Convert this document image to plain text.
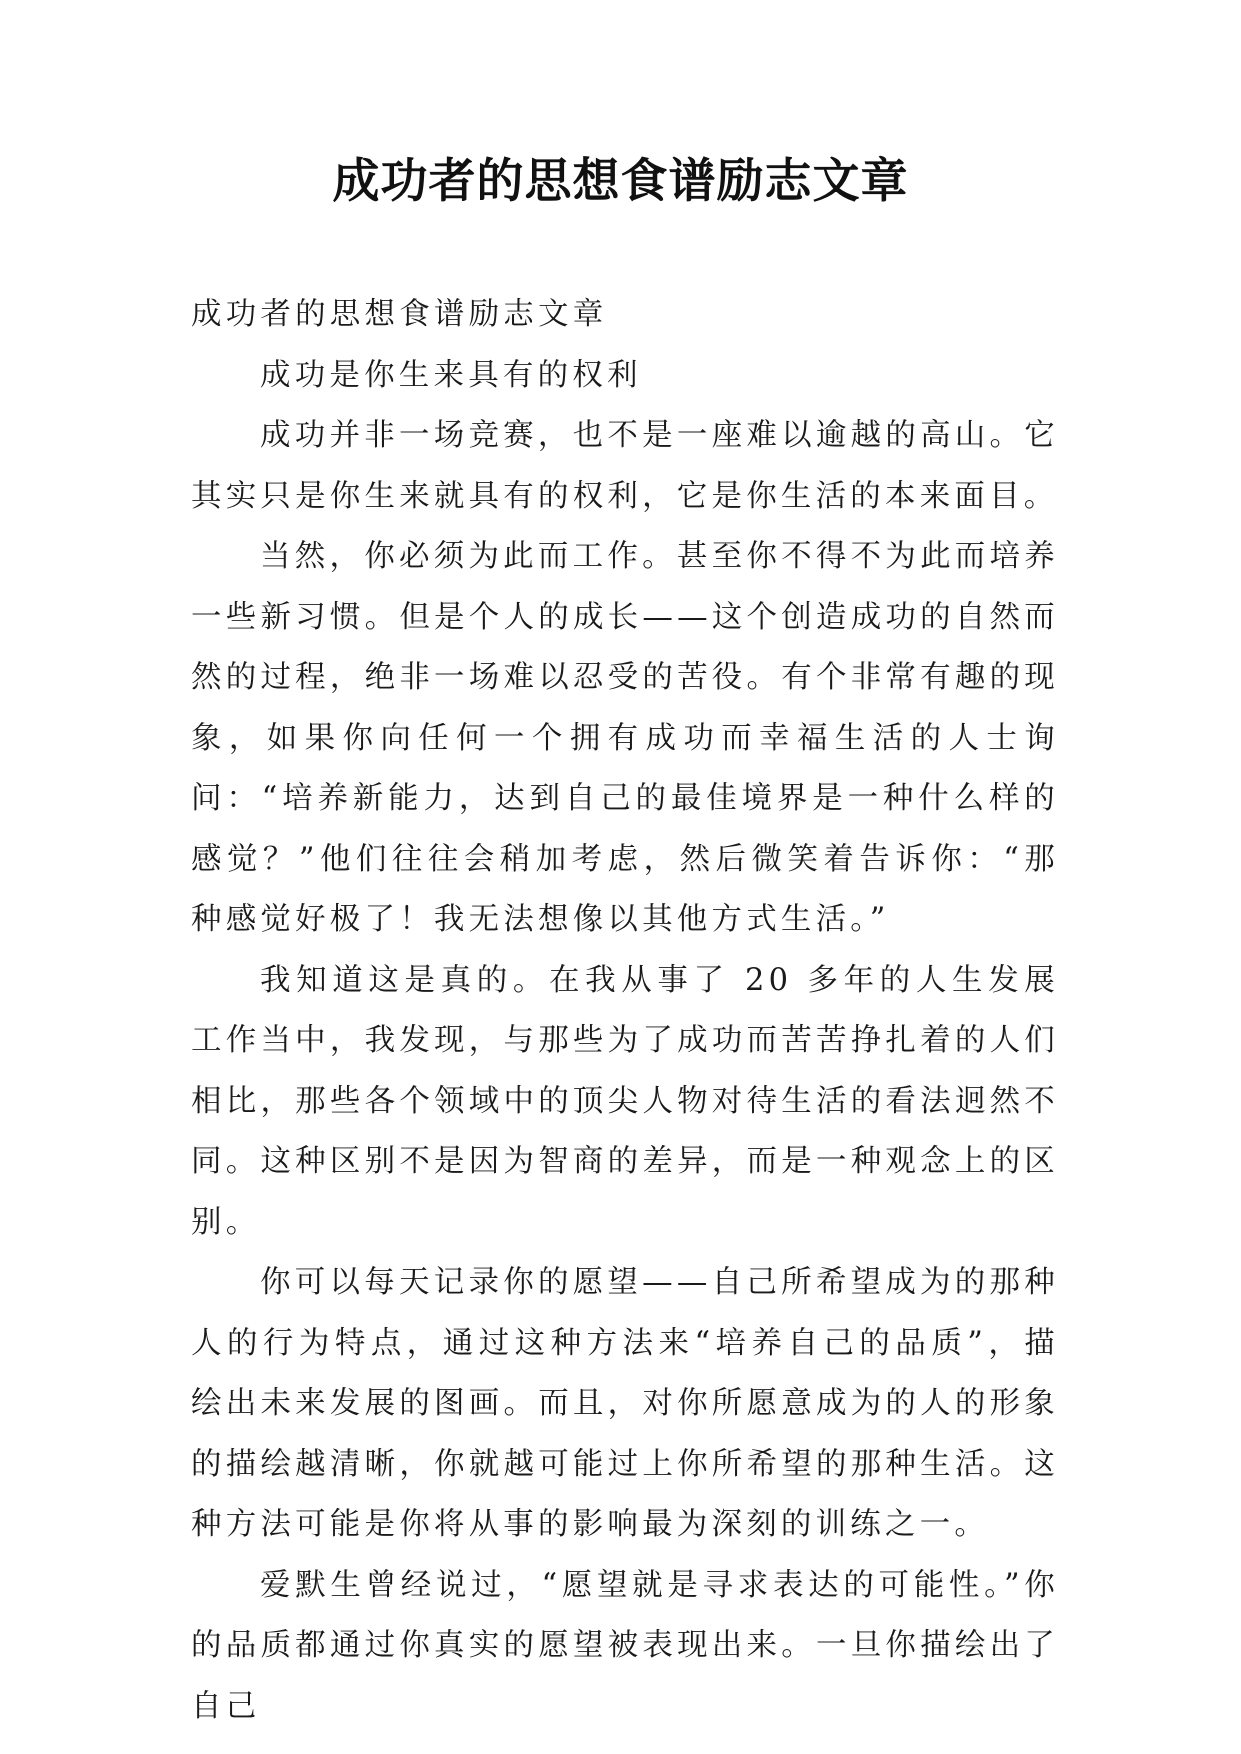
成功者的思想食谱励志文章

成功者的思想食谱励志文章

成功是你生来具有的权利

成功并非一场竞赛，也不是一座难以逾越的高山。它其实只是你生来就具有的权利，它是你生活的本来面目。

当然，你必须为此而工作。甚至你不得不为此而培养一些新习惯。但是个人的成长——这个创造成功的自然而然的过程，绝非一场难以忍受的苦役。有个非常有趣的现象，如果你向任何一个拥有成功而幸福生活的人士询问：“培养新能力，达到自己的最佳境界是一种什么样的感觉？”他们往往会稍加考虑，然后微笑着告诉你：“那种感觉好极了！我无法想像以其他方式生活。”

我知道这是真的。在我从事了 20 多年的人生发展工作当中，我发现，与那些为了成功而苦苦挣扎着的人们相比，那些各个领域中的顶尖人物对待生活的看法迥然不同。这种区别不是因为智商的差异，而是一种观念上的区别。

你可以每天记录你的愿望——自己所希望成为的那种人的行为特点，通过这种方法来“培养自己的品质”，描绘出未来发展的图画。而且，对你所愿意成为的人的形象的描绘越清晰，你就越可能过上你所希望的那种生活。这种方法可能是你将从事的影响最为深刻的训练之一。

爱默生曾经说过，“愿望就是寻求表达的可能性。”你的品质都通过你真实的愿望被表现出来。一旦你描绘出了自己
